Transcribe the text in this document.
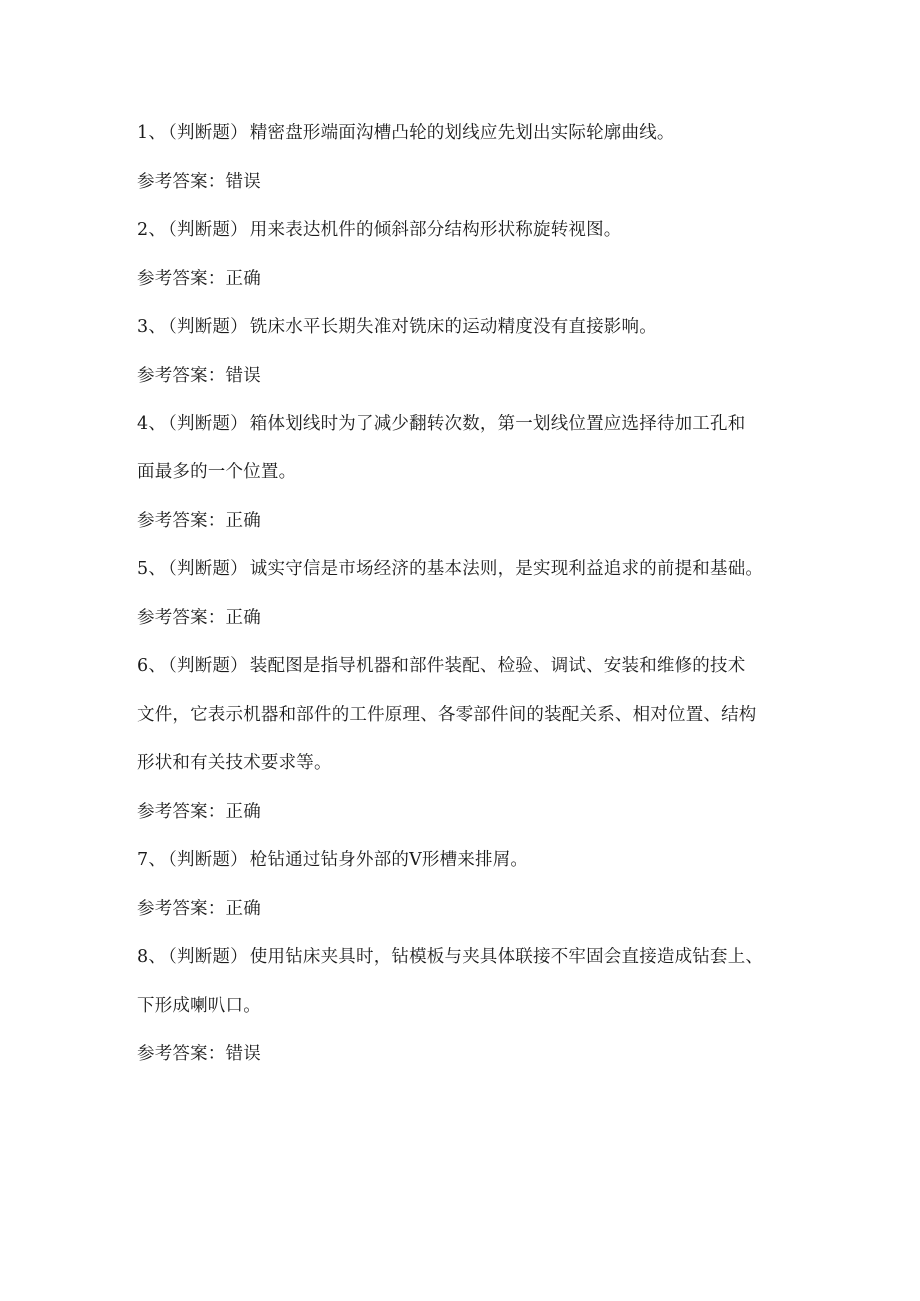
1、 （判断题） 精密盘形端面沟槽凸轮的划线应先划出实际轮廓曲线。
参考答案：错误
2、 （判断题） 用来表达机件的倾斜部分结构形状称旋转视图。
参考答案：正确
3、 （判断题） 铣床水平长期失准对铣床的运动精度没有直接影响。
参考答案：错误
4、 （判断题） 箱体划线时为了减少翻转次数，第一划线位置应选择待加工孔和
面最多的一个位置。
参考答案：正确
5、 （判断题） 诚实守信是市场经济的基本法则，是实现利益追求的前提和基础。
参考答案：正确
6、 （判断题） 装配图是指导机器和部件装配、检验、调试、安装和维修的技术
文件，它表示机器和部件的工件原理、各零部件间的装配关系、相对位置、结构
形状和有关技术要求等。
参考答案：正确
7、 （判断题） 枪钻通过钻身外部的V形槽来排屑。
参考答案：正确
8、 （判断题） 使用钻床夹具时，钻模板与夹具体联接不牢固会直接造成钻套上、
下形成喇叭口。
参考答案：错误
